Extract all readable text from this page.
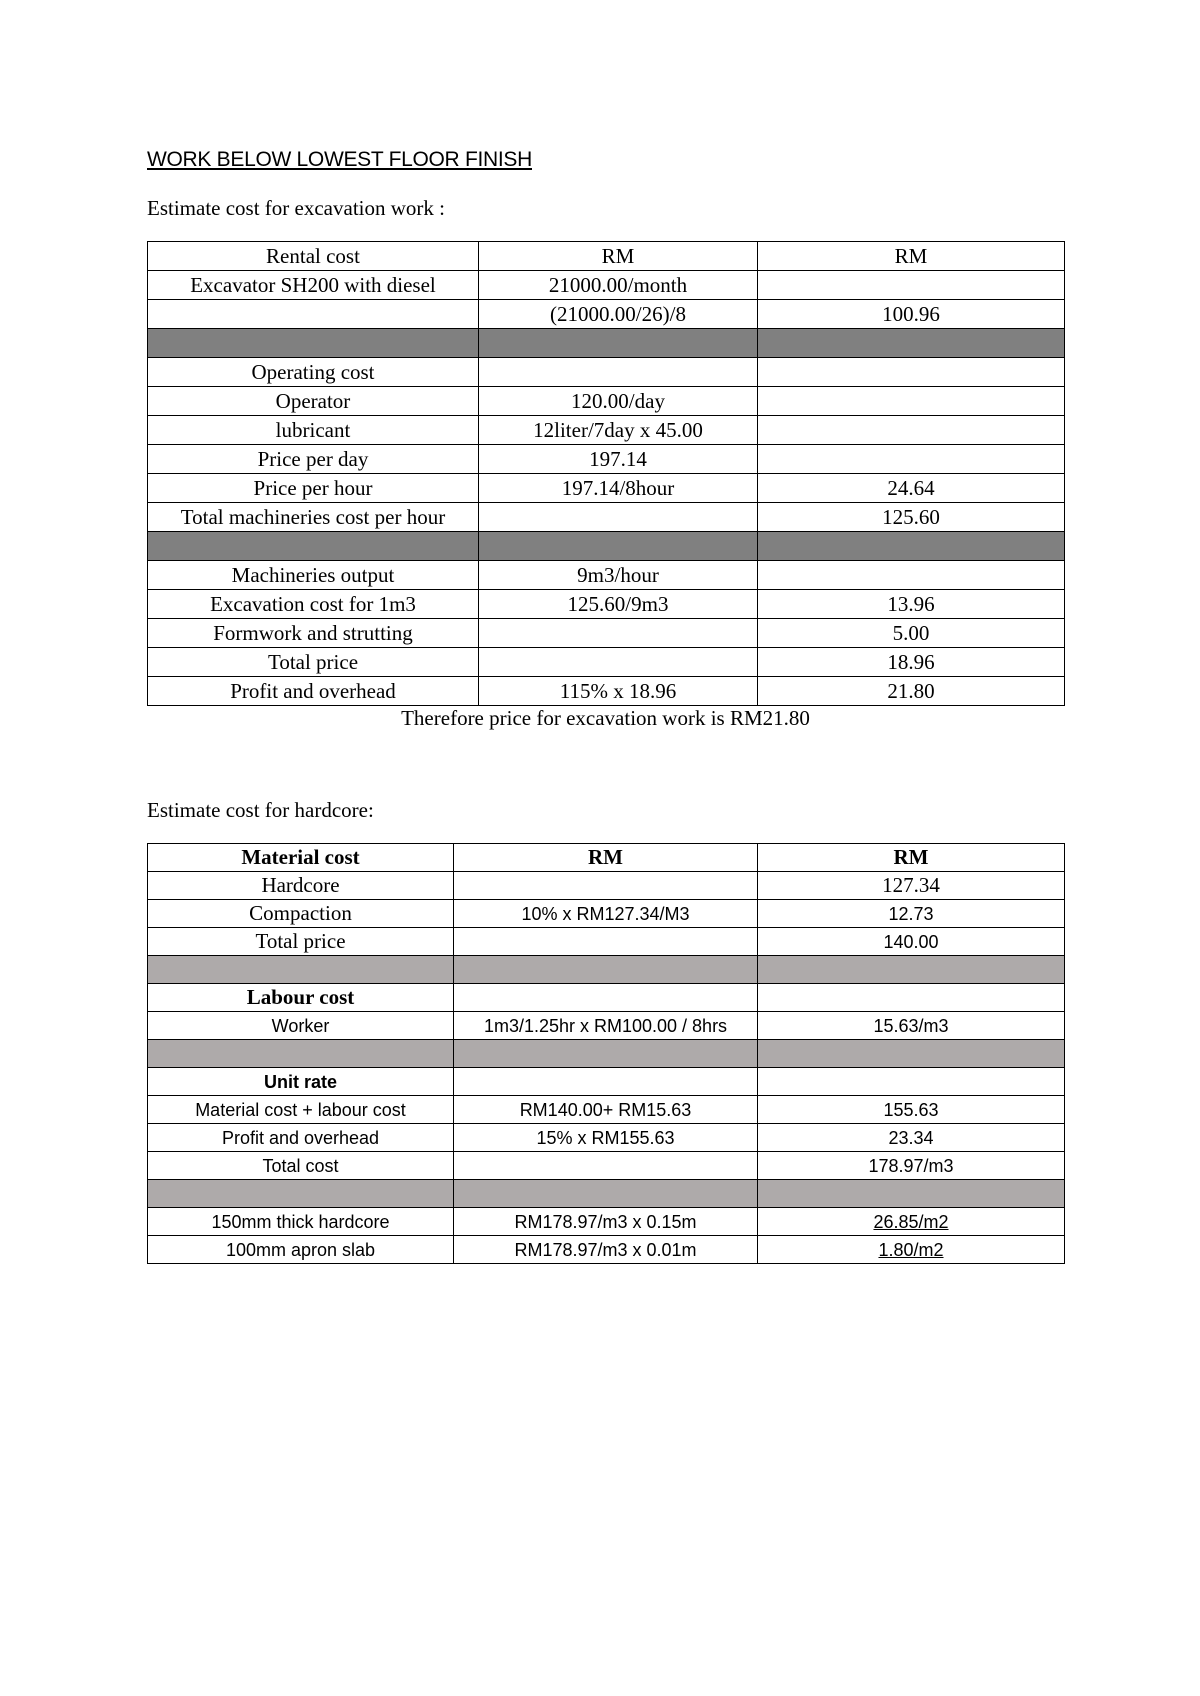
WORK BELOW LOWEST FLOOR FINISH
Estimate cost for excavation work :
Rental cost	RM	RM
Excavator SH200 with diesel	21000.00/month	
	(21000.00/26)/8	100.96

Operating cost		
Operator	120.00/day	
lubricant	12liter/7day x 45.00	
Price per day	197.14	
Price per hour	197.14/8hour	24.64
Total machineries cost per hour		125.60

Machineries output	9m3/hour	
Excavation cost for 1m3	125.60/9m3	13.96
Formwork and strutting		5.00
Total price		18.96
Profit and overhead	115% x 18.96	21.80
Therefore price for excavation work is RM21.80
Estimate cost for hardcore:
Material cost	RM	RM
Hardcore		127.34
Compaction	10% x RM127.34/M3	12.73
Total price		140.00

Labour cost		
Worker	1m3/1.25hr x RM100.00 / 8hrs	15.63/m3

Unit rate		
Material cost + labour cost	RM140.00+ RM15.63	155.63
Profit and overhead	15% x RM155.63	23.34
Total cost		178.97/m3

150mm thick hardcore	RM178.97/m3 x 0.15m	26.85/m2
100mm apron slab	RM178.97/m3 x 0.01m	1.80/m2
